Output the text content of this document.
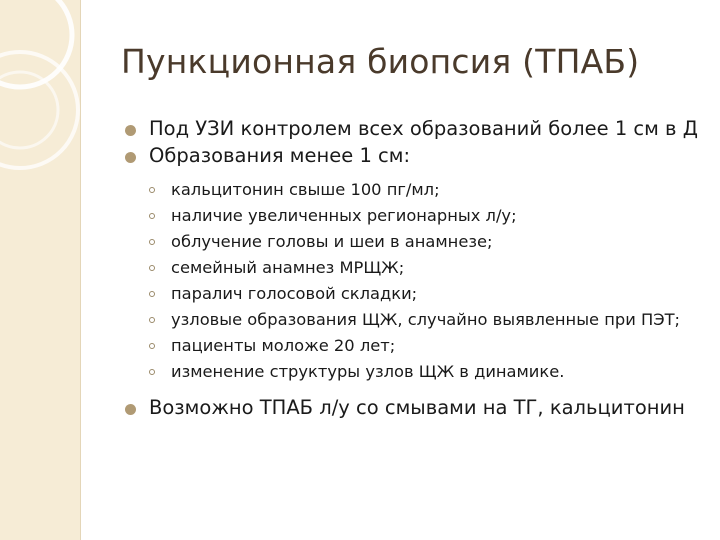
Пункционная биопсия (ТПАБ)
Под УЗИ контролем всех образований более 1 см в Д
Образования менее 1 см:
кальцитонин свыше 100 пг/мл;
наличие увеличенных регионарных л/у;
облучение головы и шеи в анамнезе;
семейный анамнез МРЩЖ;
паралич голосовой складки;
узловые образования ЩЖ, случайно выявленные при ПЭТ;
пациенты моложе 20 лет;
изменение структуры узлов ЩЖ в динамике.
Возможно ТПАБ л/у со смывами на ТГ, кальцитонин
